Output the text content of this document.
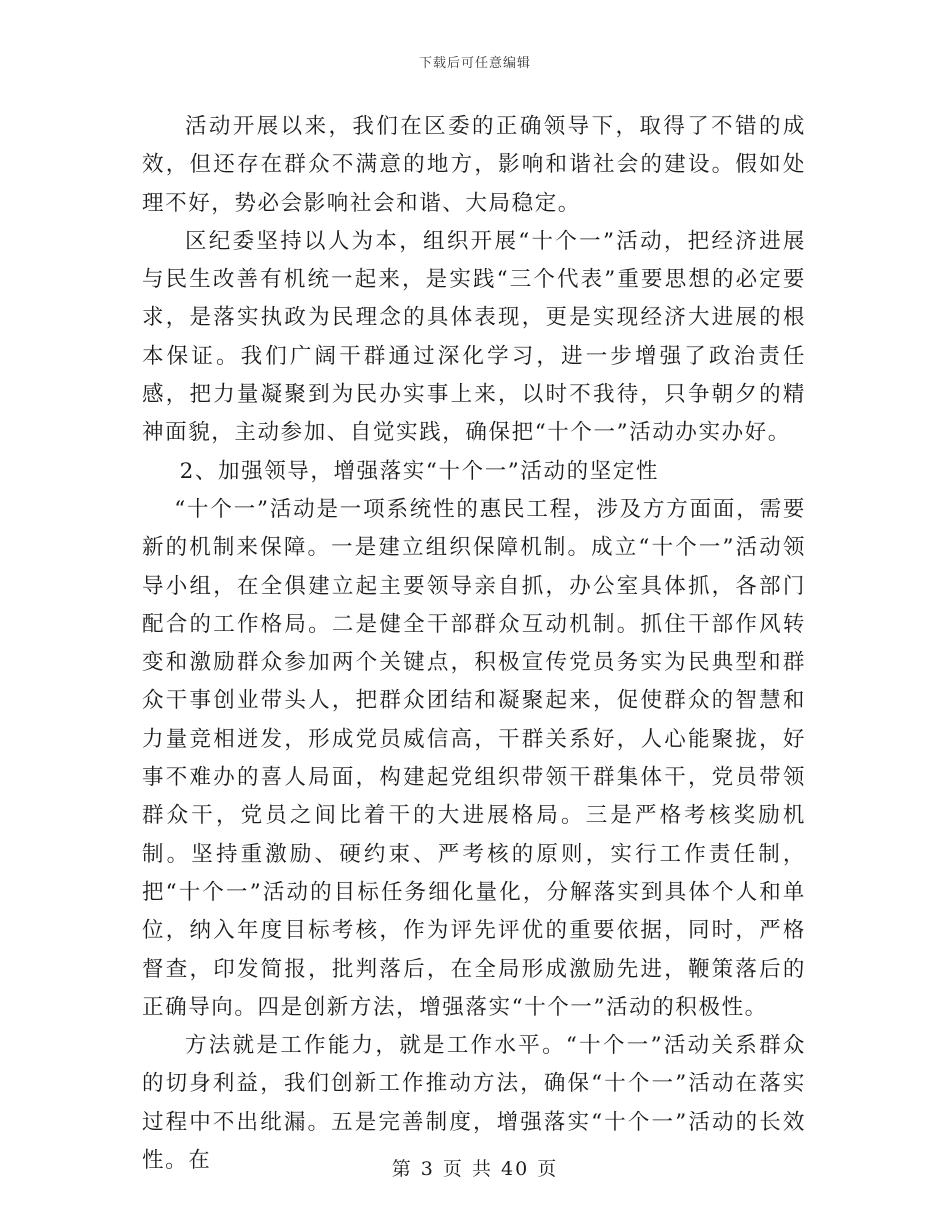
下载后可任意编辑

活动开展以来，我们在区委的正确领导下，取得了不错的成效，但还存在群众不满意的地方，影响和谐社会的建设。假如处理不好，势必会影响社会和谐、大局稳定。

区纪委坚持以人为本，组织开展“十个一”活动，把经济进展与民生改善有机统一起来，是实践“三个代表”重要思想的必定要求，是落实执政为民理念的具体表现，更是实现经济大进展的根本保证。我们广阔干群通过深化学习，进一步增强了政治责任感，把力量凝聚到为民办实事上来，以时不我待，只争朝夕的精神面貌，主动参加、自觉实践，确保把“十个一”活动办实办好。

2、加强领导，增强落实“十个一”活动的坚定性

“十个一”活动是一项系统性的惠民工程，涉及方方面面，需要新的机制来保障。一是建立组织保障机制。成立“十个一”活动领导小组，在全俱建立起主要领导亲自抓，办公室具体抓，各部门配合的工作格局。二是健全干部群众互动机制。抓住干部作风转变和激励群众参加两个关键点，积极宣传党员务实为民典型和群众干事创业带头人，把群众团结和凝聚起来，促使群众的智慧和力量竞相迸发，形成党员威信高，干群关系好，人心能聚拢，好事不难办的喜人局面，构建起党组织带领干群集体干，党员带领群众干，党员之间比着干的大进展格局。三是严格考核奖励机制。坚持重激励、硬约束、严考核的原则，实行工作责任制，把“十个一”活动的目标任务细化量化，分解落实到具体个人和单位，纳入年度目标考核，作为评先评优的重要依据，同时，严格督查，印发简报，批判落后，在全局形成激励先进，鞭策落后的正确导向。四是创新方法，增强落实“十个一”活动的积极性。

方法就是工作能力，就是工作水平。“十个一”活动关系群众的切身利益，我们创新工作推动方法，确保“十个一”活动在落实过程中不出纰漏。五是完善制度，增强落实“十个一”活动的长效性。在	第 3 页 共 40 页
